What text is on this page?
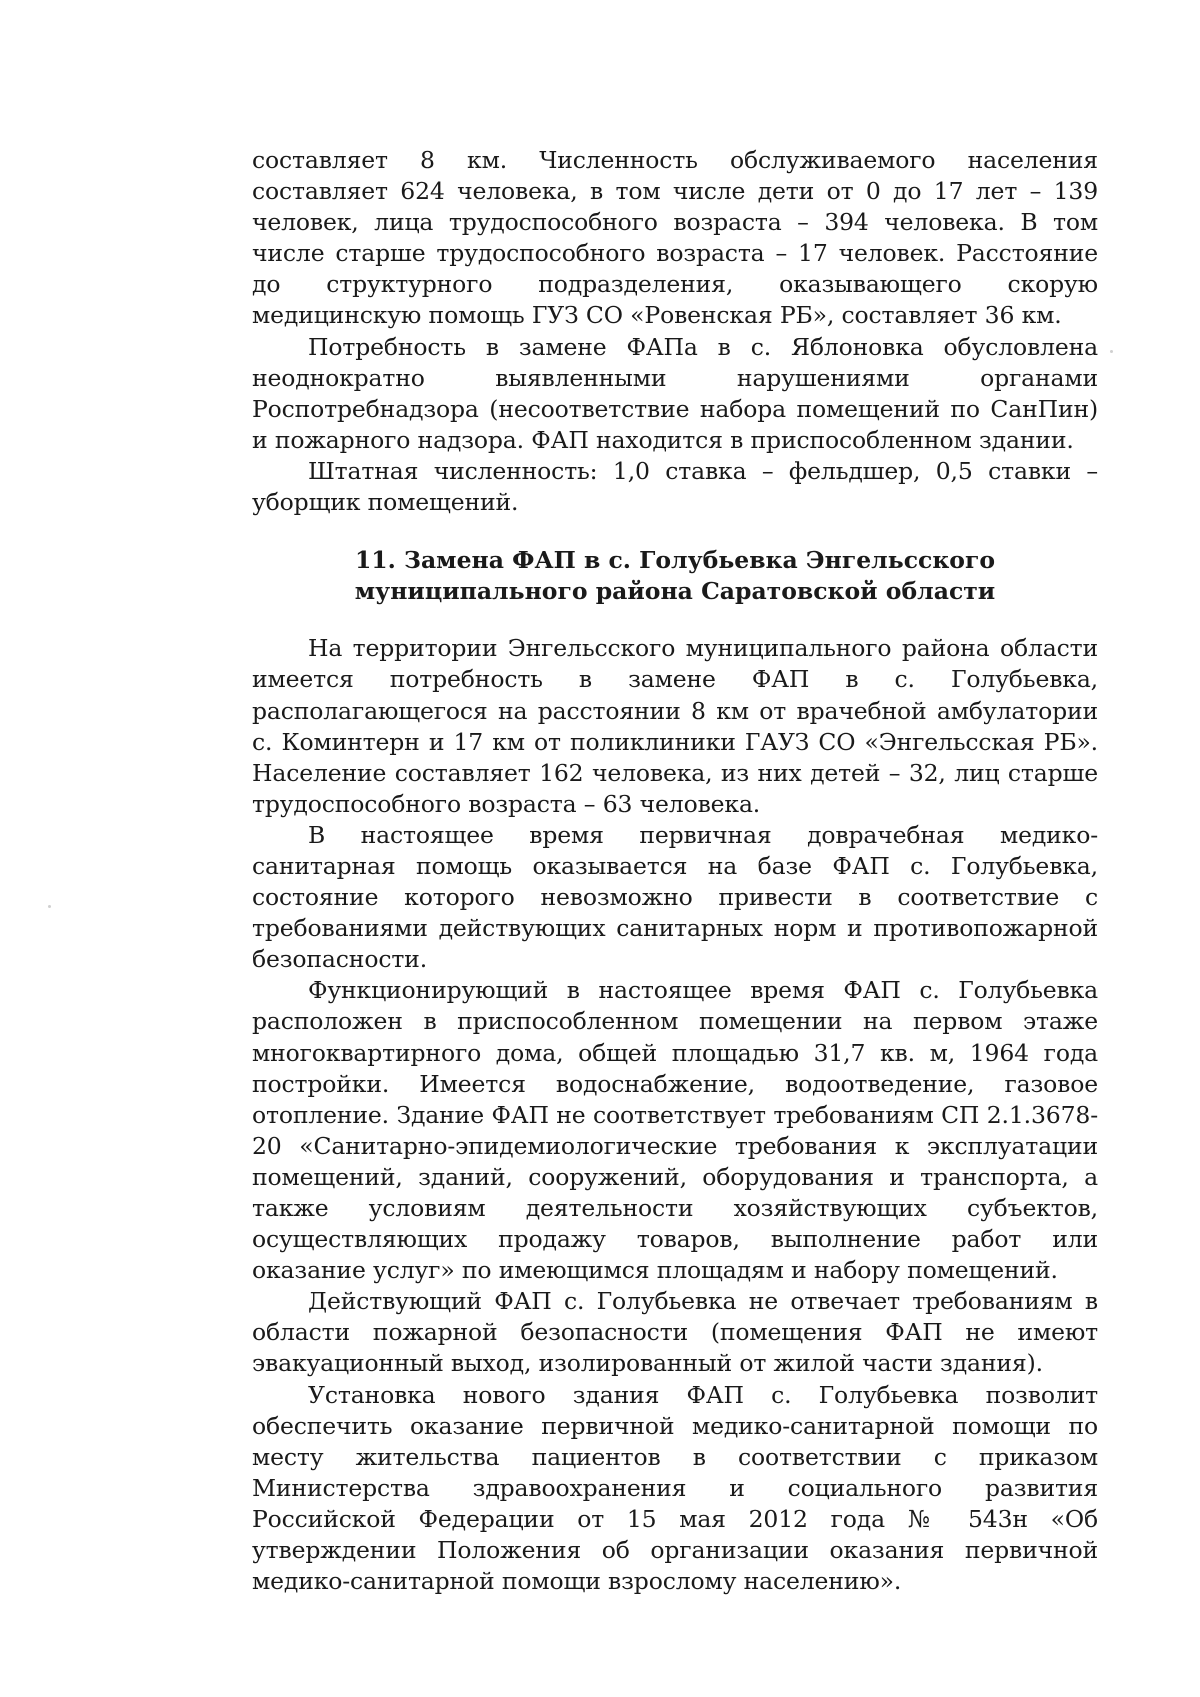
составляет 8 км. Численность обслуживаемого населения составляет 624 человека, в том числе дети от 0 до 17 лет – 139 человек, лица трудоспособного возраста – 394 человека. В том числе старше трудоспособного возраста – 17 человек. Расстояние до структурного подразделения, оказывающего скорую медицинскую помощь ГУЗ СО «Ровенская РБ», составляет 36 км.

Потребность в замене ФАПа в с. Яблоновка обусловлена неоднократно выявленными нарушениями органами Роспотребнадзора (несоответствие набора помещений по СанПин) и пожарного надзора. ФАП находится в приспособленном здании.

Штатная численность: 1,0 ставка – фельдшер, 0,5 ставки – уборщик помещений.

11. Замена ФАП в с. Голубьевка Энгельсского
муниципального района Саратовской области

На территории Энгельсского муниципального района области имеется потребность в замене ФАП в с. Голубьевка, располагающегося на расстоянии 8 км от врачебной амбулатории с. Коминтерн и 17 км от поликлиники ГАУЗ СО «Энгельсская РБ». Население составляет 162 человека, из них детей – 32, лиц старше трудоспособного возраста – 63 человека.

В настоящее время первичная доврачебная медико-санитарная помощь оказывается на базе ФАП с. Голубьевка, состояние которого невозможно привести в соответствие с требованиями действующих санитарных норм и противопожарной безопасности.

Функционирующий в настоящее время ФАП с. Голубьевка расположен в приспособленном помещении на первом этаже многоквартирного дома, общей площадью 31,7 кв. м, 1964 года постройки. Имеется водоснабжение, водоотведение, газовое отопление. Здание ФАП не соответствует требованиям СП 2.1.3678-20 «Санитарно-эпидемиологические требования к эксплуатации помещений, зданий, сооружений, оборудования и транспорта, а также условиям деятельности хозяйствующих субъектов, осуществляющих продажу товаров, выполнение работ или оказание услуг» по имеющимся площадям и набору помещений.

Действующий ФАП с. Голубьевка не отвечает требованиям в области пожарной безопасности (помещения ФАП не имеют эвакуационный выход, изолированный от жилой части здания).

Установка нового здания ФАП с. Голубьевка позволит обеспечить оказание первичной медико-санитарной помощи по месту жительства пациентов в соответствии с приказом Министерства здравоохранения и социального развития Российской Федерации от 15 мая 2012 года № 543н «Об утверждении Положения об организации оказания первичной медико-санитарной помощи взрослому населению».
